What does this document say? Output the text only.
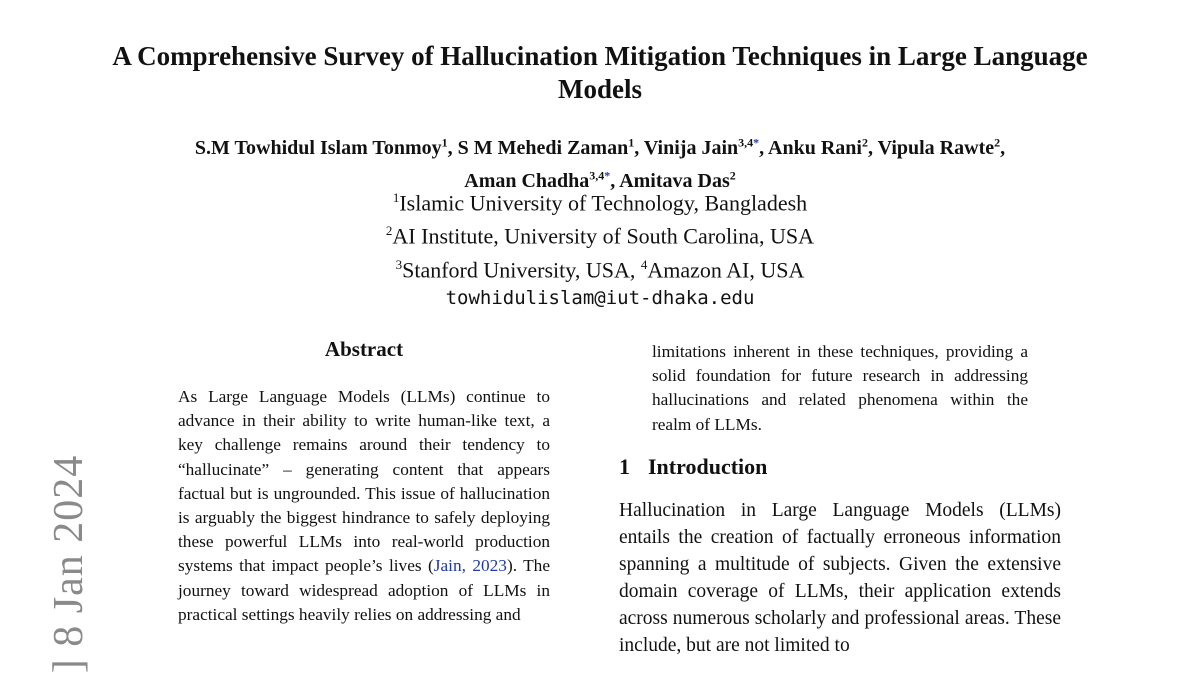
] 8 Jan 2024
A Comprehensive Survey of Hallucination Mitigation Techniques in Large Language Models
S.M Towhidul Islam Tonmoy$^1$, S M Mehedi Zaman$^1$, Vinija Jain$^{3,4*}$, Anku Rani$^2$, Vipula Rawte$^2$,
Aman Chadha$^{3,4*}$, Amitava Das$^2$
$^1$Islamic University of Technology, Bangladesh
$^2$AI Institute, University of South Carolina, USA
$^3$Stanford University, USA, $^4$Amazon AI, USA
towhidulislam@iut-dhaka.edu
Abstract

As Large Language Models (LLMs) continue to advance in their ability to write human-like text, a key challenge remains around their tendency to “hallucinate” – generating content that appears factual but is ungrounded. This issue of hallucination is arguably the biggest hindrance to safely deploying these powerful LLMs into real-world production systems that impact people’s lives (Jain, 2023). The journey toward widespread adoption of LLMs in practical settings heavily relies on addressing and

limitations inherent in these techniques, providing a solid foundation for future research in addressing hallucinations and related phenomena within the realm of LLMs.
1 Introduction

Hallucination in Large Language Models (LLMs) entails the creation of factually erroneous information spanning a multitude of subjects. Given the extensive domain coverage of LLMs, their application extends across numerous scholarly and professional areas. These include, but are not limited to
